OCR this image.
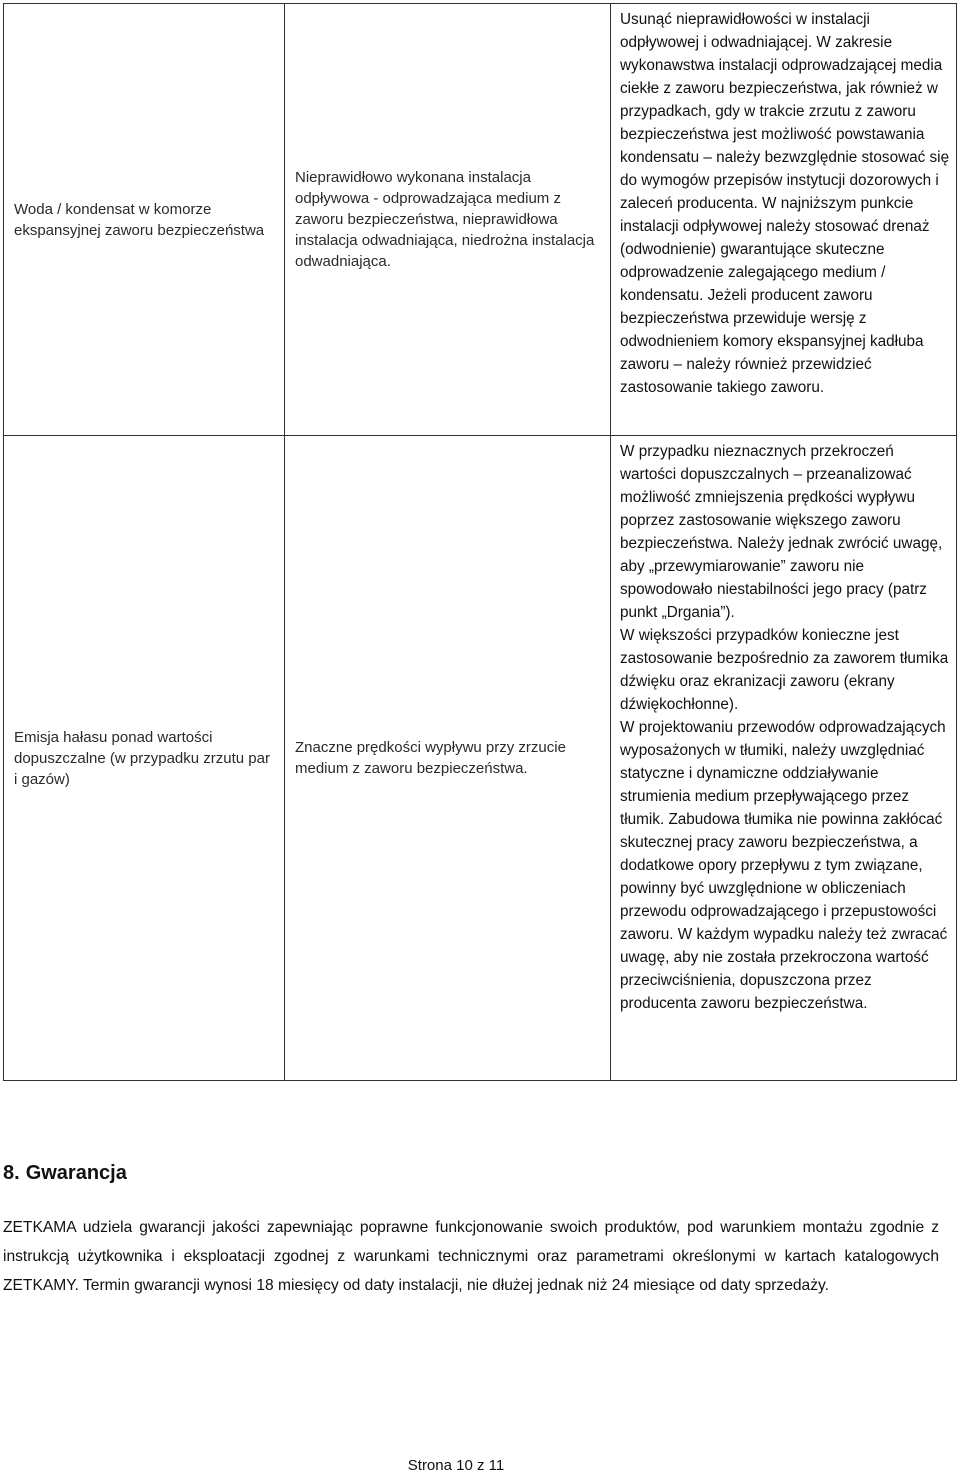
Woda / kondensat w komorze ekspansyjnej zaworu bezpieczeństwa	Nieprawidłowo wykonana instalacja odpływowa - odprowadzająca medium z zaworu bezpieczeństwa, nieprawidłowa instalacja odwadniająca, niedrożna instalacja odwadniająca.	Usunąć nieprawidłowości w instalacji odpływowej i odwadniającej. W zakresie wykonawstwa instalacji odprowadzającej media ciekłe z zaworu bezpieczeństwa, jak również w przypadkach, gdy w trakcie zrzutu z zaworu bezpieczeństwa jest możliwość powstawania kondensatu – należy bezwzględnie stosować się do wymogów przepisów instytucji dozorowych i zaleceń producenta. W najniższym punkcie instalacji odpływowej należy stosować drenaż (odwodnienie) gwarantujące skuteczne odprowadzenie zalegającego medium / kondensatu. Jeżeli producent zaworu bezpieczeństwa przewiduje wersję z odwodnieniem komory ekspansyjnej kadłuba zaworu – należy również przewidzieć zastosowanie takiego zaworu.

Emisja hałasu ponad wartości dopuszczalne (w przypadku zrzutu par i gazów)	Znaczne prędkości wypływu przy zrzucie medium z zaworu bezpieczeństwa.	W przypadku nieznacznych przekroczeń wartości dopuszczalnych – przeanalizować możliwość zmniejszenia prędkości wypływu poprzez zastosowanie większego zaworu bezpieczeństwa. Należy jednak zwrócić uwagę, aby „przewymiarowanie” zaworu nie spowodowało niestabilności jego pracy (patrz punkt „Drgania”).

W większości przypadków konieczne jest zastosowanie bezpośrednio za zaworem tłumika dźwięku oraz ekranizacji zaworu (ekrany dźwiękochłonne).

W projektowaniu przewodów odprowadzających wyposażonych w tłumiki, należy uwzględniać statyczne i dynamiczne oddziaływanie strumienia medium przepływającego przez tłumik. Zabudowa tłumika nie powinna zakłócać skutecznej pracy zaworu bezpieczeństwa, a dodatkowe opory przepływu z tym związane, powinny być uwzględnione w obliczeniach przewodu odprowadzającego i przepustowości zaworu. W każdym wypadku należy też zwracać uwagę, aby nie została przekroczona wartość przeciwciśnienia, dopuszczona przez producenta zaworu bezpieczeństwa.

8. Gwarancja

ZETKAMA udziela gwarancji jakości zapewniając poprawne funkcjonowanie swoich produktów, pod warunkiem montażu zgodnie z instrukcją użytkownika i eksploatacji zgodnej z warunkami technicznymi oraz parametrami określonymi w kartach katalogowych ZETKAMY. Termin gwarancji wynosi 18 miesięcy od daty instalacji, nie dłużej jednak niż 24 miesiące od daty sprzedaży.

Strona 10 z 11
